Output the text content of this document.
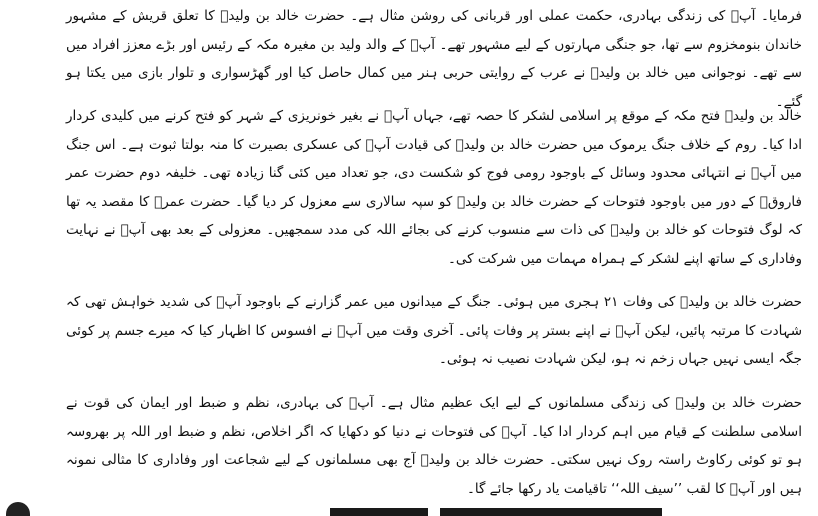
فرمایا۔ آپؓ کی زندگی بہادری، حکمت عملی اور قربانی کی روشن مثال ہے۔ حضرت خالد بن ولیدؓ کا تعلق قریش کے مشہور خاندان بنومخزوم سے تھا، جو جنگی مہارتوں کے لیے مشہور تھے۔ آپؓ کے والد ولید بن مغیرہ مکہ کے رئیس اور بڑے معزز افراد میں سے تھے۔ نوجوانی میں خالد بن ولیدؓ نے عرب کے روایتی حربی ہنر میں کمال حاصل کیا اور گھڑسواری و تلوار بازی میں یکتا ہو گئے۔

خالد بن ولیدؓ فتح مکہ کے موقع پر اسلامی لشکر کا حصہ تھے، جہاں آپؓ نے بغیر خونریزی کے شہر کو فتح کرنے میں کلیدی کردار ادا کیا۔ روم کے خلاف جنگ یرموک میں حضرت خالد بن ولیدؓ کی قیادت آپؓ کی عسکری بصیرت کا منہ بولتا ثبوت ہے۔ اس جنگ میں آپؓ نے انتہائی محدود وسائل کے باوجود رومی فوج کو شکست دی، جو تعداد میں کئی گنا زیادہ تھی۔ خلیفہ دوم حضرت عمر فاروقؓ کے دور میں باوجود فتوحات کے حضرت خالد بن ولیدؓ کو سپہ سالاری سے معزول کر دیا گیا۔ حضرت عمرؓ کا مقصد یہ تھا کہ لوگ فتوحات کو خالد بن ولیدؓ کی ذات سے منسوب کرنے کی بجائے اللہ کی مدد سمجھیں۔ معزولی کے بعد بھی آپؓ نے نہایت وفاداری کے ساتھ اپنے لشکر کے ہمراہ مہمات میں شرکت کی۔

حضرت خالد بن ولیدؓ کی وفات ۲۱ ہجری میں ہوئی۔ جنگ کے میدانوں میں عمر گزارنے کے باوجود آپؓ کی شدید خواہش تھی کہ شہادت کا مرتبہ پائیں، لیکن آپؓ نے اپنے بستر پر وفات پائی۔ آخری وقت میں آپؓ نے افسوس کا اظہار کیا کہ میرے جسم پر کوئی جگہ ایسی نہیں جہاں زخم نہ ہو، لیکن شہادت نصیب نہ ہوئی۔

حضرت خالد بن ولیدؓ کی زندگی مسلمانوں کے لیے ایک عظیم مثال ہے۔ آپؓ کی بہادری، نظم و ضبط اور ایمان کی قوت نے اسلامی سلطنت کے قیام میں اہم کردار ادا کیا۔ آپؓ کی فتوحات نے دنیا کو دکھایا کہ اگر اخلاص، نظم و ضبط اور اللہ پر بھروسہ ہو تو کوئی رکاوٹ راستہ روک نہیں سکتی۔ حضرت خالد بن ولیدؓ آج بھی مسلمانوں کے لیے شجاعت اور وفاداری کا مثالی نمونہ ہیں اور آپؓ کا لقب ’’سیف اللہ‘‘ تاقیامت یاد رکھا جائے گا۔
